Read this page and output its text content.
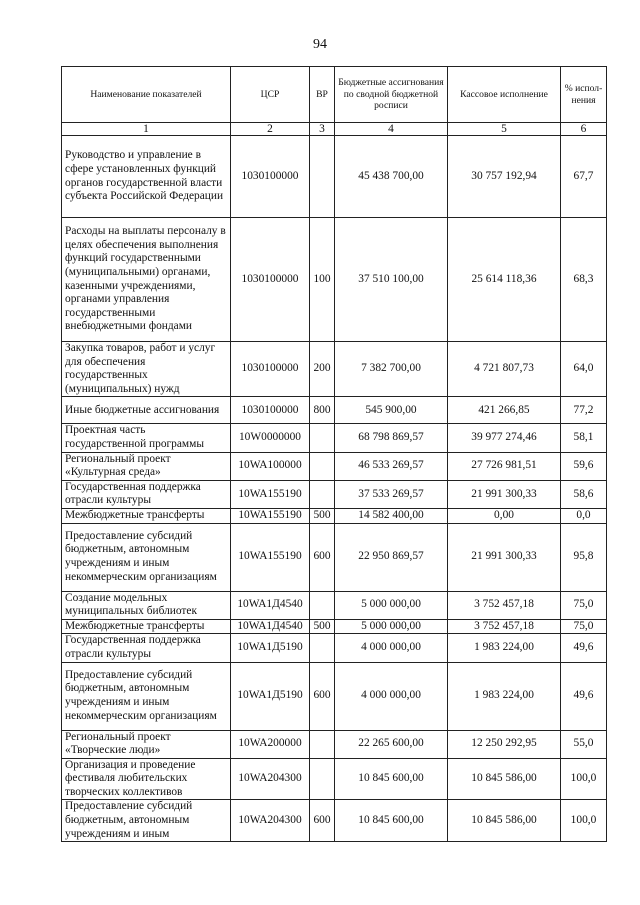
94
Наименование показателей	ЦСР	ВР	Бюджетные ассигнования по сводной бюджетной росписи	Кассовое исполнение	% испол-нения
1	2	3	4	5	6
Руководство и управление в сфере установленных функций органов государственной власти субъекта Российской Федерации	1030100000		45 438 700,00	30 757 192,94	67,7
Расходы на выплаты персоналу в целях обеспечения выполнения функций государственными (муниципальными) органами, казенными учреждениями, органами управления государственными внебюджетными фондами	1030100000	100	37 510 100,00	25 614 118,36	68,3
Закупка товаров, работ и услуг для обеспечения государственных (муниципальных) нужд	1030100000	200	7 382 700,00	4 721 807,73	64,0
Иные бюджетные ассигнования	1030100000	800	545 900,00	421 266,85	77,2
Проектная часть государственной программы	10W0000000		68 798 869,57	39 977 274,46	58,1
Региональный проект «Культурная среда»	10WA100000		46 533 269,57	27 726 981,51	59,6
Государственная поддержка отрасли культуры	10WA155190		37 533 269,57	21 991 300,33	58,6
Межбюджетные трансферты	10WA155190	500	14 582 400,00	0,00	0,0
Предоставление субсидий бюджетным, автономным учреждениям и иным некоммерческим организациям	10WA155190	600	22 950 869,57	21 991 300,33	95,8
Создание модельных муниципальных библиотек	10WA1Д4540		5 000 000,00	3 752 457,18	75,0
Межбюджетные трансферты	10WA1Д4540	500	5 000 000,00	3 752 457,18	75,0
Государственная поддержка отрасли культуры	10WA1Д5190		4 000 000,00	1 983 224,00	49,6
Предоставление субсидий бюджетным, автономным учреждениям и иным некоммерческим организациям	10WA1Д5190	600	4 000 000,00	1 983 224,00	49,6
Региональный проект «Творческие люди»	10WA200000		22 265 600,00	12 250 292,95	55,0
Организация и проведение фестиваля любительских творческих коллективов	10WA204300		10 845 600,00	10 845 586,00	100,0
Предоставление субсидий бюджетным, автономным учреждениям и иным	10WA204300	600	10 845 600,00	10 845 586,00	100,0
